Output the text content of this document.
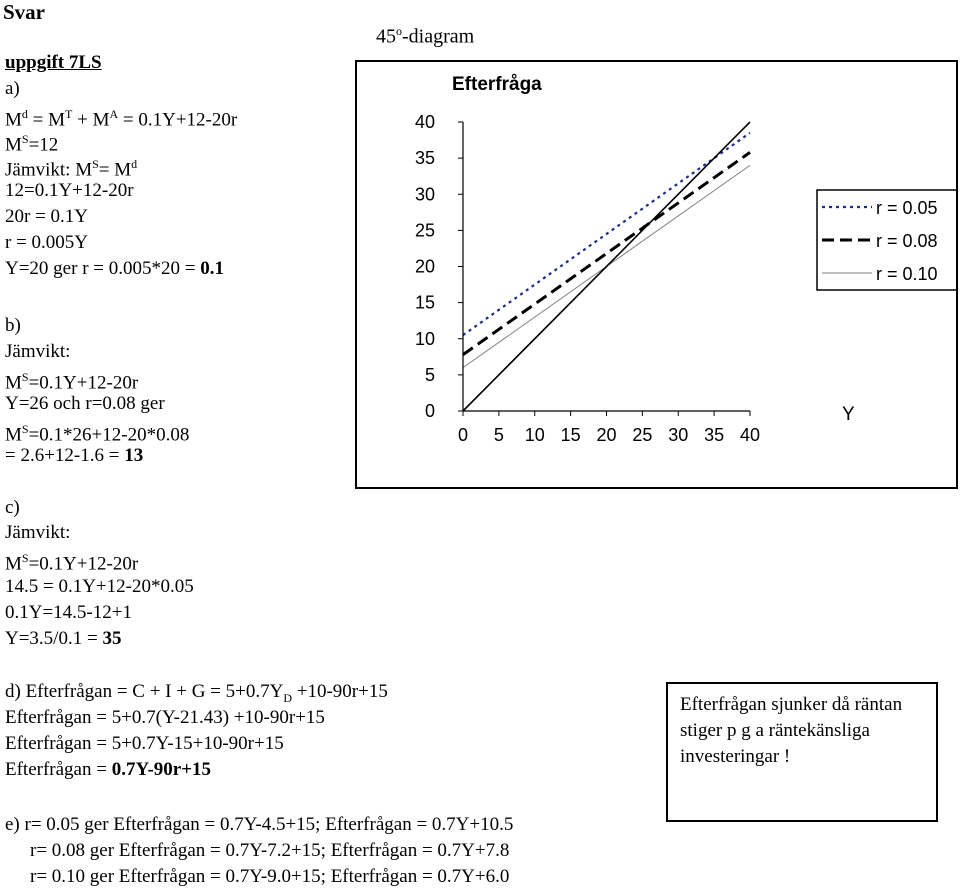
Svar
uppgift 7LS
a)
$M^d = M^T + M^A = 0.1Y+12-20r$
$M^S=12$
Jämvikt: $M^S= M^d$
12=0.1Y+12-20r
20r = 0.1Y
r = 0.005Y
Y=20 ger r = 0.005*20 = 0.1
b)
Jämvikt:
$M^S=0.1Y+12-20r$
Y=26 och r=0.08 ger
$M^S=0.1*26+12-20*0.08$
= 2.6+12-1.6 = 13
c)
Jämvikt:
$M^S=0.1Y+12-20r$
14.5 = 0.1Y+12-20*0.05
0.1Y=14.5-12+1
Y=3.5/0.1 = 35
d) Efterfrågan = $C + I + G = 5+0.7Y_D +10-90r+15$
Efterfrågan = 5+0.7(Y-21.43) +10-90r+15
Efterfrågan = 5+0.7Y-15+10-90r+15
Efterfrågan = 0.7Y-90r+15
e) r= 0.05 ger Efterfrågan = 0.7Y-4.5+15; Efterfrågan = 0.7Y+10.5
r= 0.08 ger Efterfrågan = 0.7Y-7.2+15; Efterfrågan = 0.7Y+7.8
r= 0.10 ger Efterfrågan = 0.7Y-9.0+15; Efterfrågan = 0.7Y+6.0
Efterfrågan sjunker då räntan stiger p g a räntekänsliga investeringar !
45$^o$-diagram
Efterfråga
0
5
10
15
20
25
30
35
40
0 5 10 15 20 25 30 35 40
Y
r = 0.05
r = 0.08
r = 0.10
